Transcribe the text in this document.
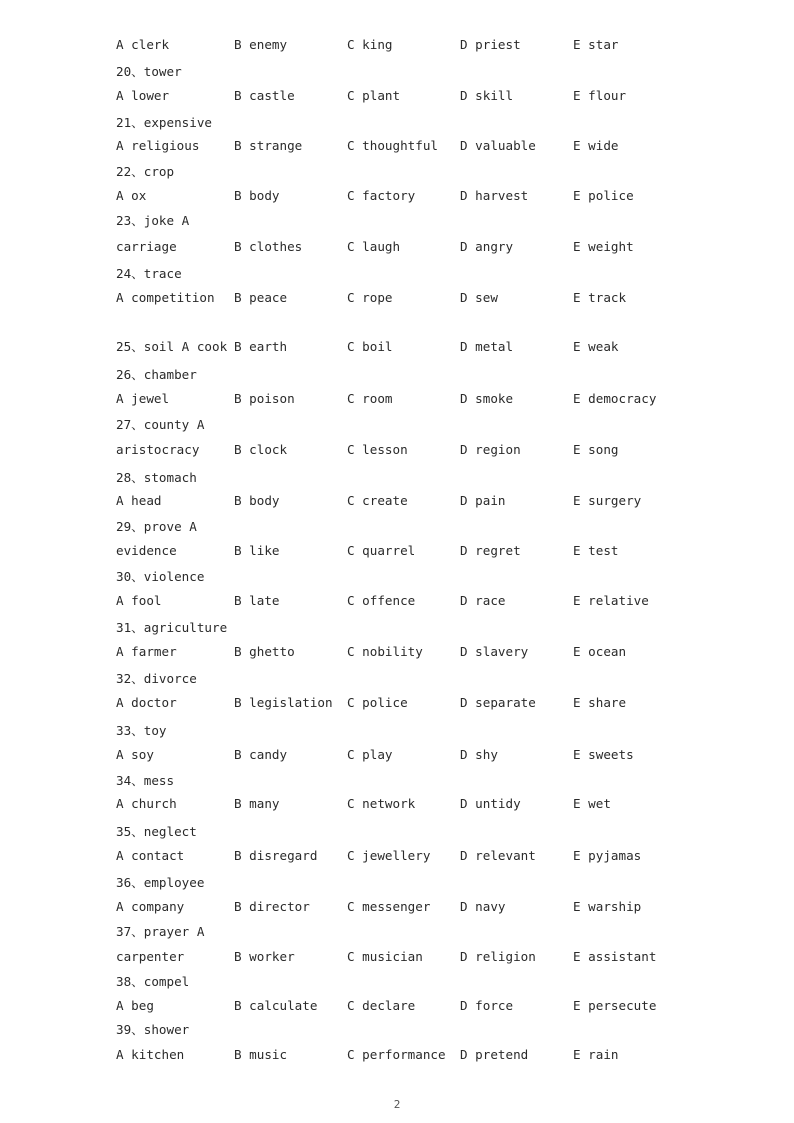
A clerk	B enemy	C king	D priest	E star
20、tower
A lower	B castle	C plant	D skill	E flour
21、expensive
A religious	B strange	C thoughtful D valuable	E wide
22、crop
A ox	B body	C factory	D harvest	E police
23、joke A
carriage	B clothes	C laugh	D angry	E weight
24、trace
A competition B peace	C rope	D sew	E track
25、soil A cook B earth	C boil	D metal	E weak
26、chamber
A jewel	B poison	C room	D smoke	E democracy
27、county A
aristocracy	B clock	C lesson	D region	E song
28、stomach
A head	B body	C create	D pain	E surgery
29、prove A
evidence	B like	C quarrel	D regret	E test
30、violence
A fool	B late	C offence	D race	E relative
31、agriculture
A farmer	B ghetto	C nobility	D slavery	E ocean
32、divorce
A doctor	B legislation C police	D separate	E share
33、toy
A soy	B candy	C play	D shy	E sweets
34、mess
A church	B many	C network	D untidy	E wet
35、neglect
A contact	B disregard C jewellery D relevant	E pyjamas
36、employee
A company	B director	C messenger D navy	E warship
37、prayer A
carpenter	B worker	C musician	D religion	E assistant
38、compel
A beg	B calculate C declare	D force	E persecute
39、shower
A kitchen	B music	C performance D pretend	E rain
2
